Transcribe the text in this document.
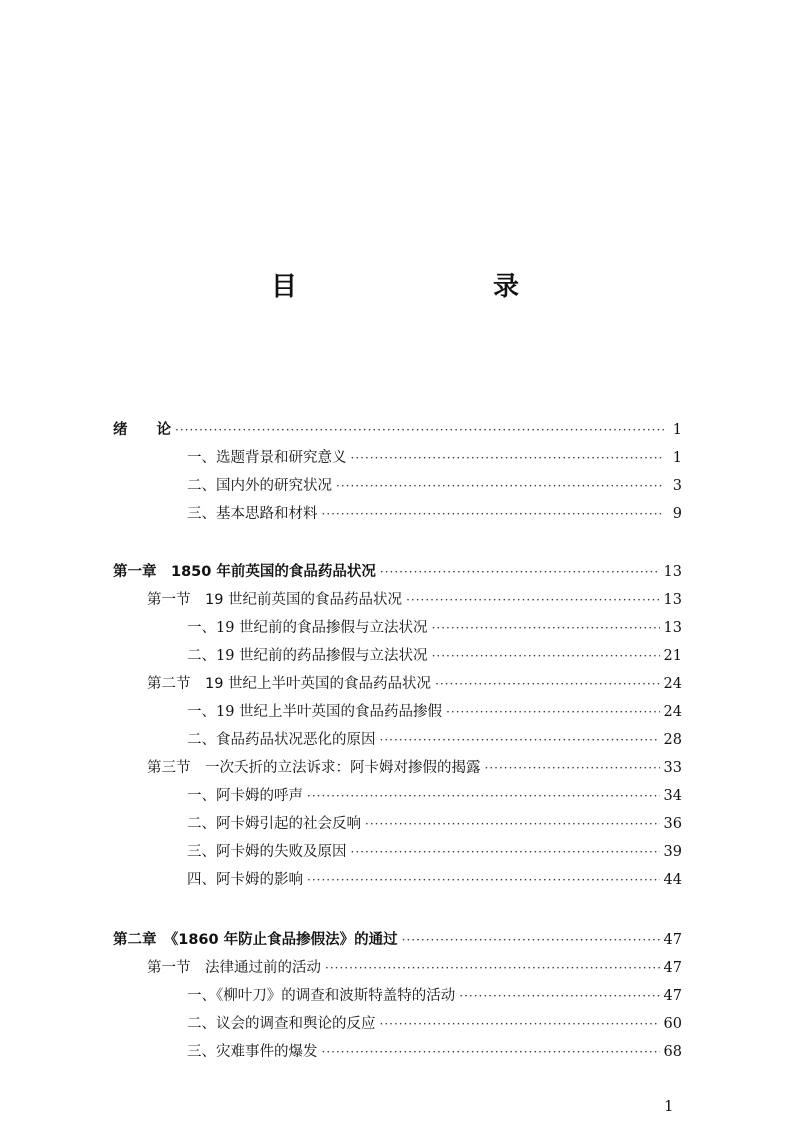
目　　录
绪　　论 ·····	1
一、选题背景和研究意义 ·····	1
二、国内外的研究状况 ·····	3
三、基本思路和材料 ·····	9
第一章　1850 年前英国的食品药品状况 ·····	13
第一节　19 世纪前英国的食品药品状况 ·····	13
一、19 世纪前的食品掺假与立法状况 ·····	13
二、19 世纪前的药品掺假与立法状况 ·····	21
第二节　19 世纪上半叶英国的食品药品状况 ·····	24
一、19 世纪上半叶英国的食品药品掺假 ·····	24
二、食品药品状况恶化的原因 ·····	28
第三节　一次夭折的立法诉求：阿卡姆对掺假的揭露 ·····	33
一、阿卡姆的呼声 ·····	34
二、阿卡姆引起的社会反响 ·····	36
三、阿卡姆的失败及原因 ·····	39
四、阿卡姆的影响 ·····	44
第二章　《1860 年防止食品掺假法》的通过 ·····	47
第一节　法律通过前的活动 ·····	47
一、《柳叶刀》的调查和波斯特盖特的活动 ·····	47
二、议会的调查和舆论的反应 ·····	60
三、灾难事件的爆发 ·····	68
1
